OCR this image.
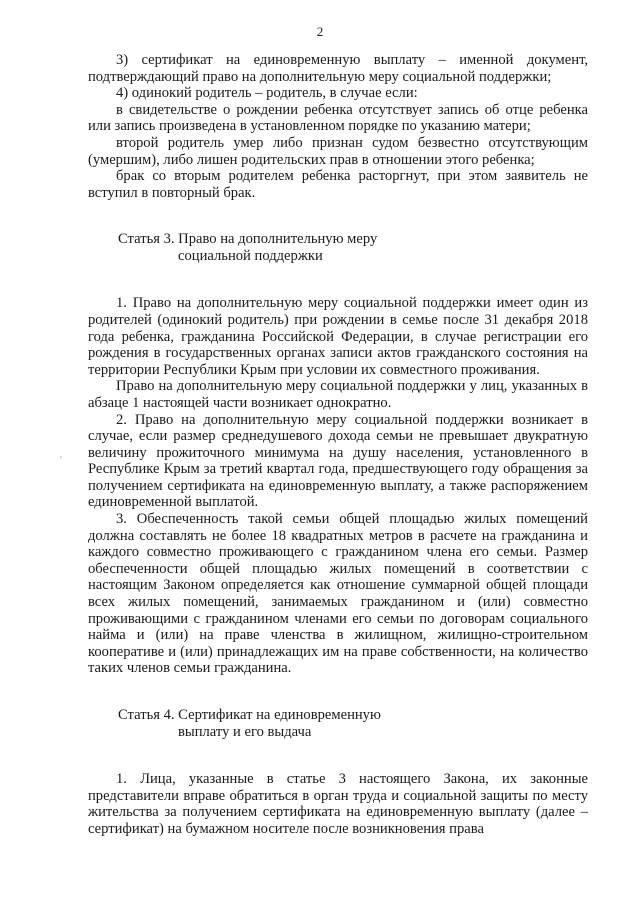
2
'

3) сертификат на единовременную выплату – именной документ, подтверждающий право на дополнительную меру социальной поддержки;

4) одинокий родитель – родитель, в случае если:

в свидетельстве о рождении ребенка отсутствует запись об отце ребенка или запись произведена в установленном порядке по указанию матери;

второй родитель умер либо признан судом безвестно отсутствующим (умершим), либо лишен родительских прав в отношении этого ребенка;

брак со вторым родителем ребенка расторгнут, при этом заявитель не вступил в повторный брак.

Статья 3. Право на дополнительную меру
социальной поддержки

1. Право на дополнительную меру социальной поддержки имеет один из родителей (одинокий родитель) при рождении в семье после 31 декабря 2018 года ребенка, гражданина Российской Федерации, в случае регистрации его рождения в государственных органах записи актов гражданского состояния на территории Республики Крым при условии их совместного проживания.

Право на дополнительную меру социальной поддержки у лиц, указанных в абзаце 1 настоящей части возникает однократно.

2. Право на дополнительную меру социальной поддержки возникает в случае, если размер среднедушевого дохода семьи не превышает двукратную величину прожиточного минимума на душу населения, установленного в Республике Крым за третий квартал года, предшествующего году обращения за получением сертификата на единовременную выплату, а также распоряжением единовременной выплатой.

3. Обеспеченность такой семьи общей площадью жилых помещений должна составлять не более 18 квадратных метров в расчете на гражданина и каждого совместно проживающего с гражданином члена его семьи. Размер обеспеченности общей площадью жилых помещений в соответствии с настоящим Законом определяется как отношение суммарной общей площади всех жилых помещений, занимаемых гражданином и (или) совместно проживающими с гражданином членами его семьи по договорам социального найма и (или) на праве членства в жилищном, жилищно-строительном кооперативе и (или) принадлежащих им на праве собственности, на количество таких членов семьи гражданина.

Статья 4. Сертификат на единовременную
выплату и его выдача

1. Лица, указанные в статье 3 настоящего Закона, их законные представители вправе обратиться в орган труда и социальной защиты по месту жительства за получением сертификата на единовременную выплату (далее – сертификат) на бумажном носителе после возникновения права
